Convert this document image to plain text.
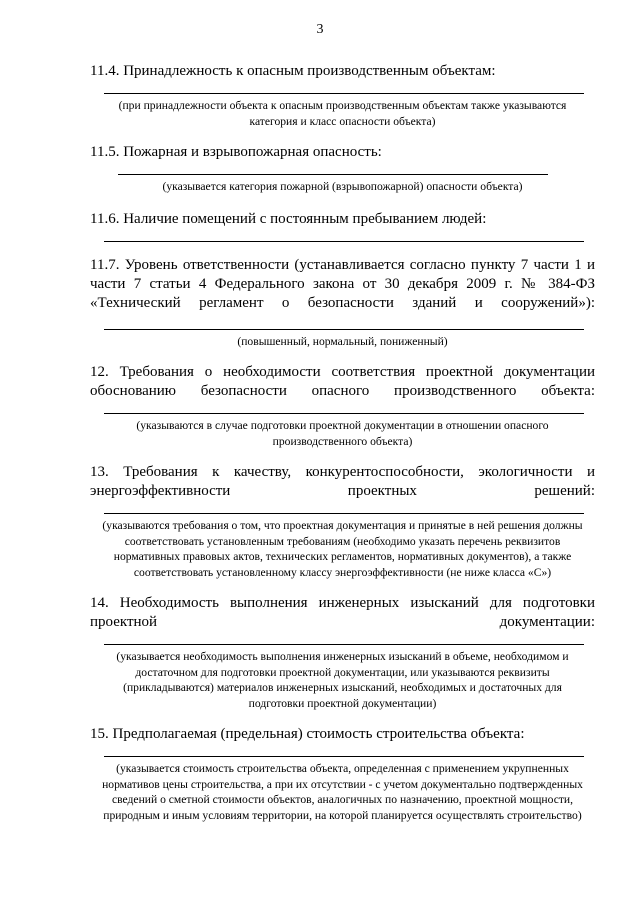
3
11.4. Принадлежность к опасным производственным объектам:
(при принадлежности объекта к опасным производственным объектам также указываются категория и класс опасности объекта)
11.5. Пожарная и взрывопожарная опасность:
(указывается категория пожарной (взрывопожарной) опасности объекта)
11.6. Наличие помещений с постоянным пребыванием людей:
11.7. Уровень ответственности (устанавливается согласно пункту 7 части 1 и части 7 статьи 4 Федерального закона от 30 декабря 2009 г. № 384-ФЗ «Технический регламент о безопасности зданий и сооружений»):
(повышенный, нормальный, пониженный)
12. Требования о необходимости соответствия проектной документации обоснованию безопасности опасного производственного объекта:
(указываются в случае подготовки проектной документации в отношении опасного производственного объекта)
13. Требования к качеству, конкурентоспособности, экологичности и энергоэффективности проектных решений:
(указываются требования о том, что проектная документация и принятые в ней решения должны соответствовать установленным требованиям (необходимо указать перечень реквизитов нормативных правовых актов, технических регламентов, нормативных документов), а также соответствовать установленному классу энергоэффективности (не ниже класса «С»)
14. Необходимость выполнения инженерных изысканий для подготовки проектной документации:
(указывается необходимость выполнения инженерных изысканий в объеме, необходимом и достаточном для подготовки проектной документации, или указываются реквизиты (прикладываются) материалов инженерных изысканий, необходимых и достаточных для подготовки проектной документации)
15. Предполагаемая (предельная) стоимость строительства объекта:
(указывается стоимость строительства объекта, определенная с применением укрупненных нормативов цены строительства, а при их отсутствии - с учетом документально подтвержденных сведений о сметной стоимости объектов, аналогичных по назначению, проектной мощности, природным и иным условиям территории, на которой планируется осуществлять строительство)
